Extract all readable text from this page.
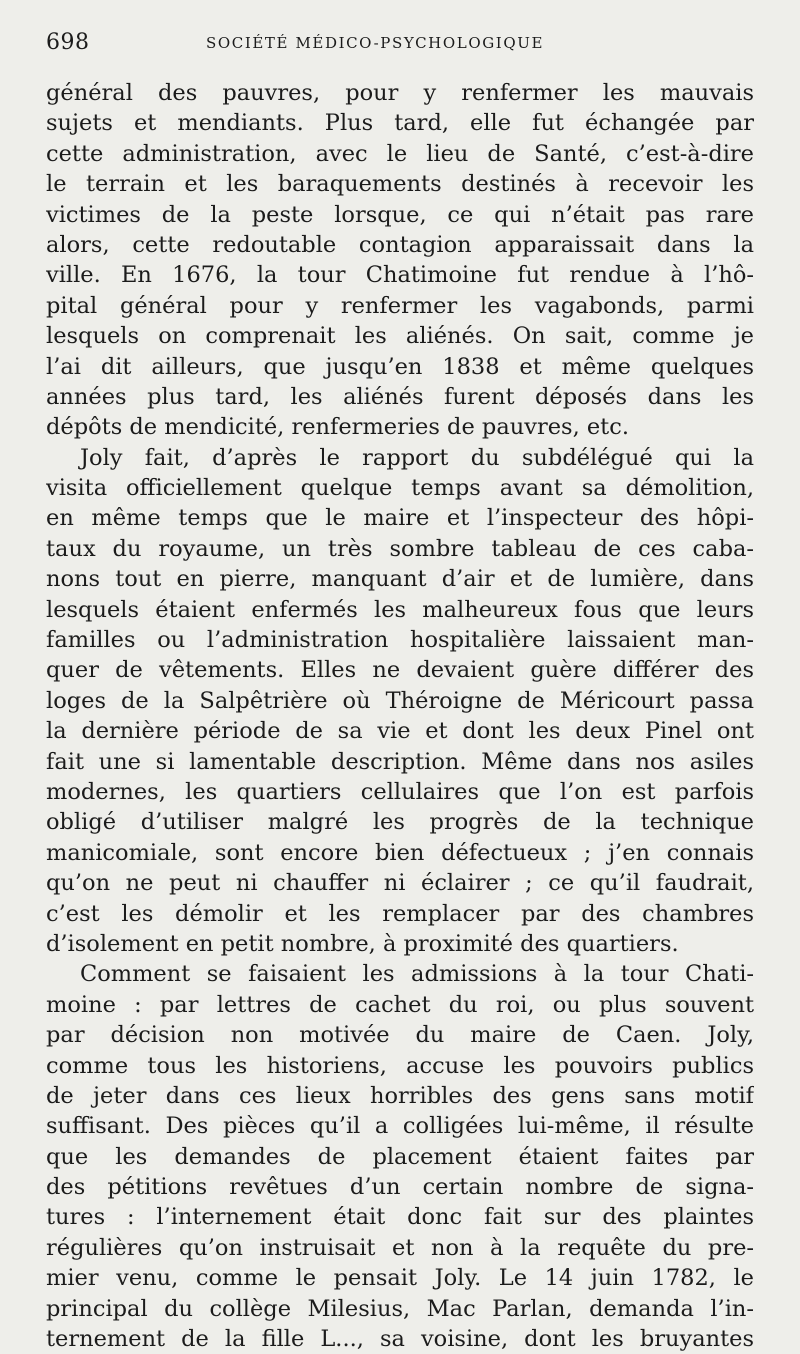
698	SOCIÉTÉ MÉDICO-PSYCHOLOGIQUE
général des pauvres, pour y renfermer les mauvais
sujets et mendiants. Plus tard, elle fut échangée par
cette administration, avec le lieu de Santé, c’est-à-dire
le terrain et les baraquements destinés à recevoir les
victimes de la peste lorsque, ce qui n’était pas rare
alors, cette redoutable contagion apparaissait dans la
ville. En 1676, la tour Chatimoine fut rendue à l’hô-
pital général pour y renfermer les vagabonds, parmi
lesquels on comprenait les aliénés. On sait, comme je
l’ai dit ailleurs, que jusqu’en 1838 et même quelques
années plus tard, les aliénés furent déposés dans les
dépôts de mendicité, renfermeries de pauvres, etc.
Joly fait, d’après le rapport du subdélégué qui la
visita officiellement quelque temps avant sa démolition,
en même temps que le maire et l’inspecteur des hôpi-
taux du royaume, un très sombre tableau de ces caba-
nons tout en pierre, manquant d’air et de lumière, dans
lesquels étaient enfermés les malheureux fous que leurs
familles ou l’administration hospitalière laissaient man-
quer de vêtements. Elles ne devaient guère différer des
loges de la Salpêtrière où Théroigne de Méricourt passa
la dernière période de sa vie et dont les deux Pinel ont
fait une si lamentable description. Même dans nos asiles
modernes, les quartiers cellulaires que l’on est parfois
obligé d’utiliser malgré les progrès de la technique
manicomiale, sont encore bien défectueux ; j’en connais
qu’on ne peut ni chauffer ni éclairer ; ce qu’il faudrait,
c’est les démolir et les remplacer par des chambres
d’isolement en petit nombre, à proximité des quartiers.
Comment se faisaient les admissions à la tour Chati-
moine : par lettres de cachet du roi, ou plus souvent
par décision non motivée du maire de Caen. Joly,
comme tous les historiens, accuse les pouvoirs publics
de jeter dans ces lieux horribles des gens sans motif
suffisant. Des pièces qu’il a colligées lui-même, il résulte
que les demandes de placement étaient faites par
des pétitions revêtues d’un certain nombre de signa-
tures : l’internement était donc fait sur des plaintes
régulières qu’on instruisait et non à la requête du pre-
mier venu, comme le pensait Joly. Le 14 juin 1782, le
principal du collège Milesius, Mac Parlan, demanda l’in-
ternement de la fille L..., sa voisine, dont les bruyantes
